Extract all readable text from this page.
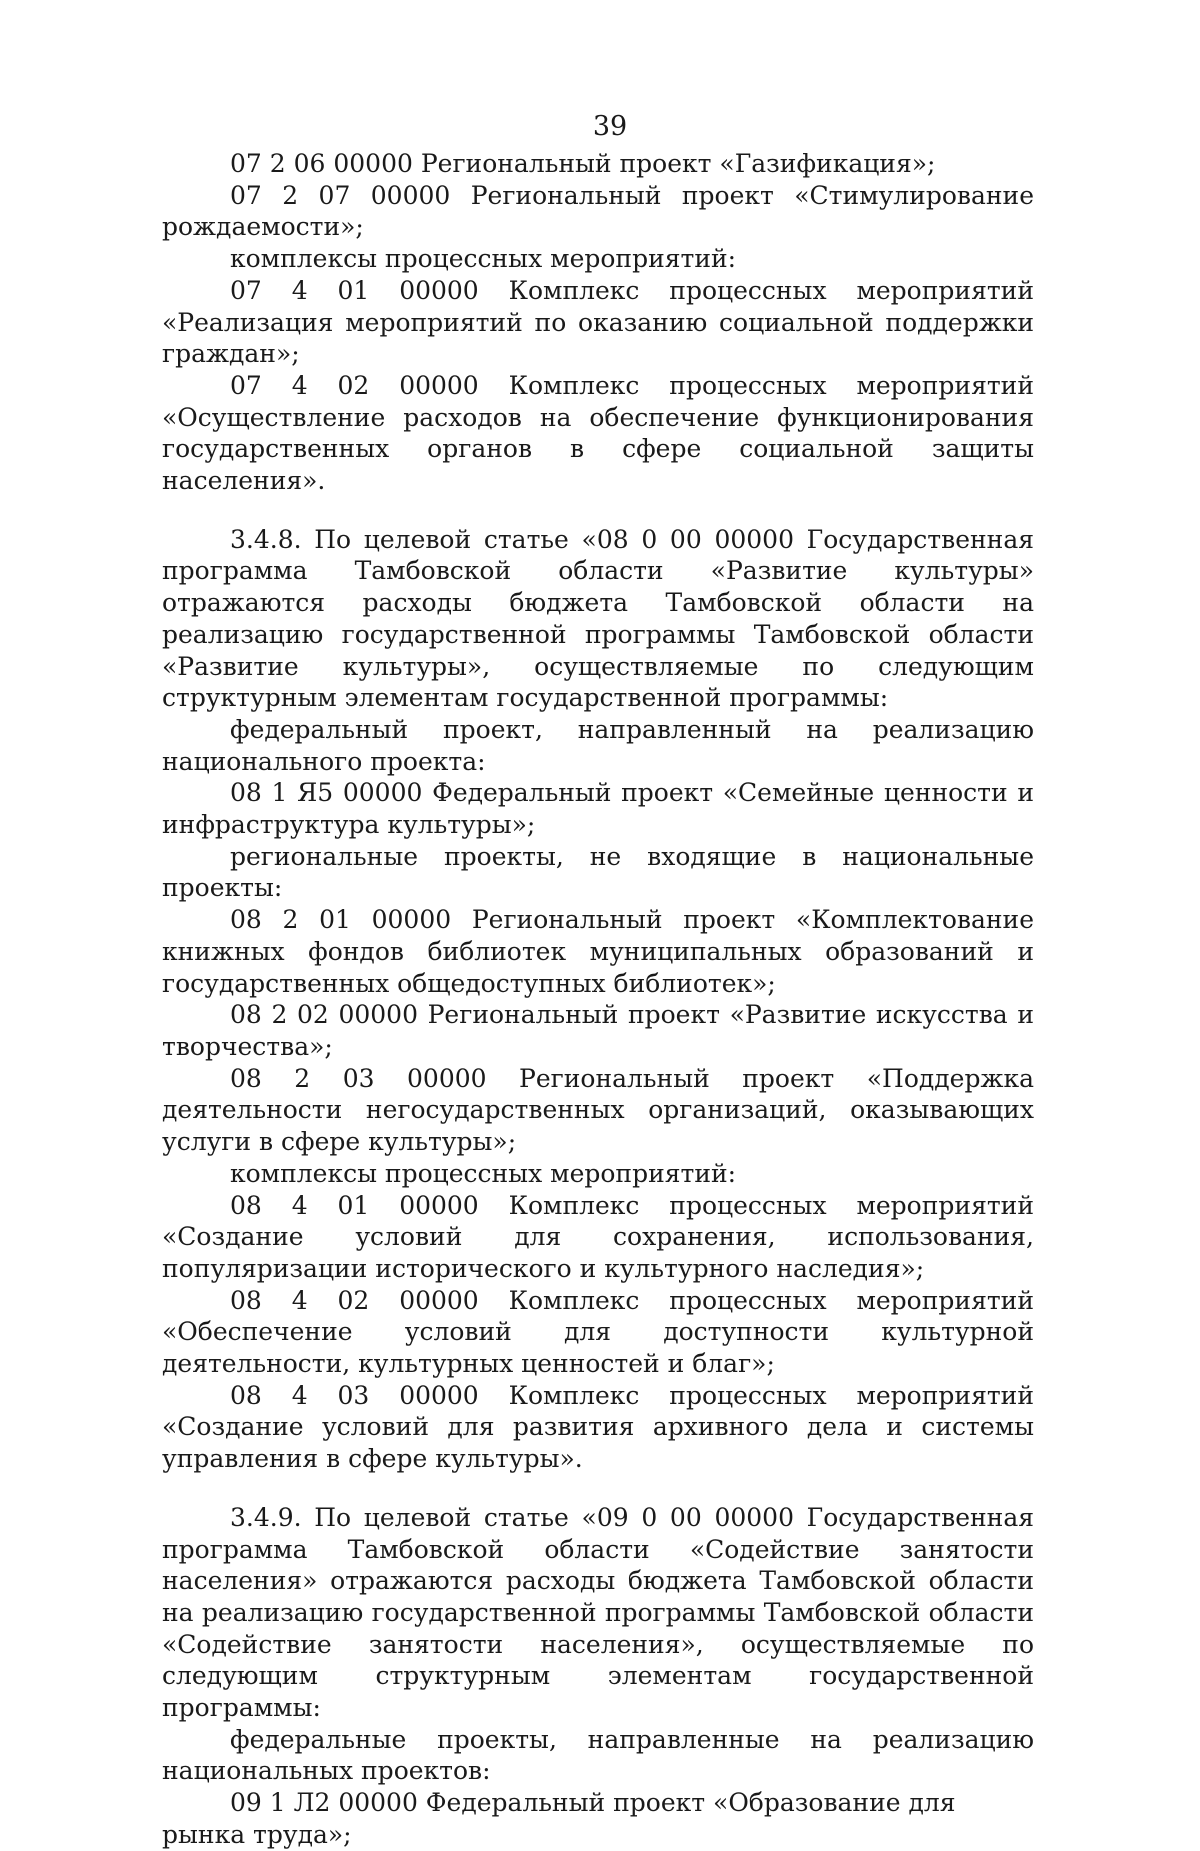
39

07 2 06 00000 Региональный проект «Газификация»;

07 2 07 00000 Региональный проект «Стимулирование рождаемости»;

комплексы процессных мероприятий:

07 4 01 00000 Комплекс процессных мероприятий «Реализация мероприятий по оказанию социальной поддержки граждан»;

07 4 02 00000 Комплекс процессных мероприятий «Осуществление расходов на обеспечение функционирования государственных органов в сфере социальной защиты населения».

3.4.8. По целевой статье «08 0 00 00000 Государственная программа Тамбовской области «Развитие культуры» отражаются расходы бюджета Тамбовской области на реализацию государственной программы Тамбовской области «Развитие культуры», осуществляемые по следующим структурным элементам государственной программы:

федеральный проект, направленный на реализацию национального проекта:

08 1 Я5 00000 Федеральный проект «Семейные ценности и инфраструктура культуры»;

региональные проекты, не входящие в национальные проекты:

08 2 01 00000 Региональный проект «Комплектование книжных фондов библиотек муниципальных образований и государственных общедоступных библиотек»;

08 2 02 00000 Региональный проект «Развитие искусства и творчества»;

08 2 03 00000 Региональный проект «Поддержка деятельности негосударственных организаций, оказывающих услуги в сфере культуры»;

комплексы процессных мероприятий:

08 4 01 00000 Комплекс процессных мероприятий «Создание условий для сохранения, использования, популяризации исторического и культурного наследия»;

08 4 02 00000 Комплекс процессных мероприятий «Обеспечение условий для доступности культурной деятельности, культурных ценностей и благ»;

08 4 03 00000 Комплекс процессных мероприятий «Создание условий для развития архивного дела и системы управления в сфере культуры».

3.4.9. По целевой статье «09 0 00 00000 Государственная программа Тамбовской области «Содействие занятости населения» отражаются расходы бюджета Тамбовской области на реализацию государственной программы Тамбовской области «Содействие занятости населения», осуществляемые по следующим структурным элементам государственной программы:

федеральные проекты, направленные на реализацию национальных проектов:

09 1 Л2 00000 Федеральный проект «Образование для рынка труда»;
